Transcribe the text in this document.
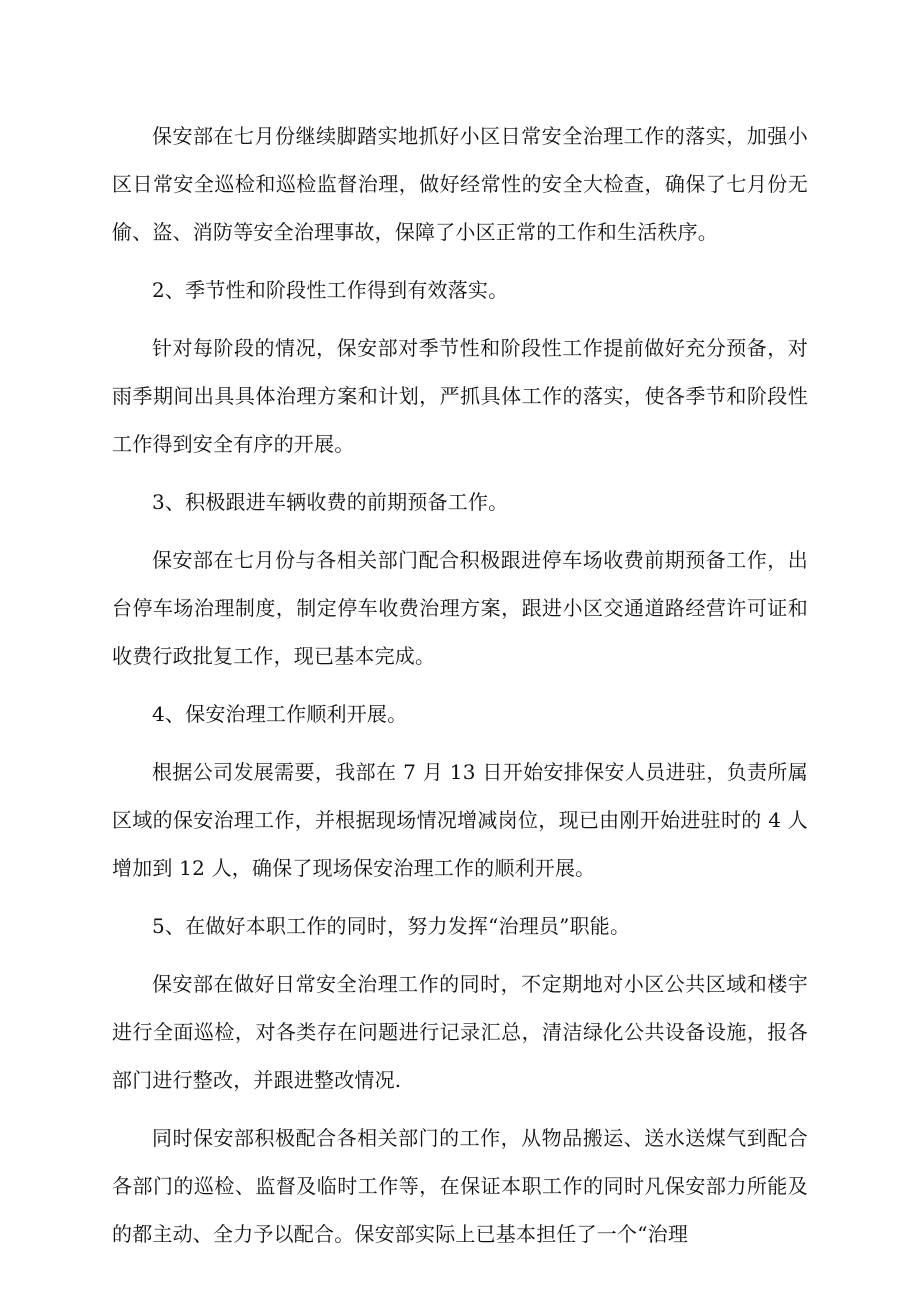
保安部在七月份继续脚踏实地抓好小区日常安全治理工作的落实，加强小区日常安全巡检和巡检监督治理，做好经常性的安全大检查，确保了七月份无偷、盗、消防等安全治理事故，保障了小区正常的工作和生活秩序。

2、季节性和阶段性工作得到有效落实。

针对每阶段的情况，保安部对季节性和阶段性工作提前做好充分预备，对雨季期间出具具体治理方案和计划，严抓具体工作的落实，使各季节和阶段性工作得到安全有序的开展。

3、积极跟进车辆收费的前期预备工作。

保安部在七月份与各相关部门配合积极跟进停车场收费前期预备工作，出台停车场治理制度，制定停车收费治理方案，跟进小区交通道路经营许可证和收费行政批复工作，现已基本完成。

4、保安治理工作顺利开展。

根据公司发展需要，我部在 7 月 13 日开始安排保安人员进驻，负责所属区域的保安治理工作，并根据现场情况增减岗位，现已由刚开始进驻时的 4 人增加到 12 人，确保了现场保安治理工作的顺利开展。

5、在做好本职工作的同时，努力发挥“治理员”职能。

保安部在做好日常安全治理工作的同时，不定期地对小区公共区域和楼宇进行全面巡检，对各类存在问题进行记录汇总，清洁绿化公共设备设施，报各部门进行整改，并跟进整改情况.

同时保安部积极配合各相关部门的工作，从物品搬运、送水送煤气到配合各部门的巡检、监督及临时工作等，在保证本职工作的同时凡保安部力所能及的都主动、全力予以配合。保安部实际上已基本担任了一个“治理
